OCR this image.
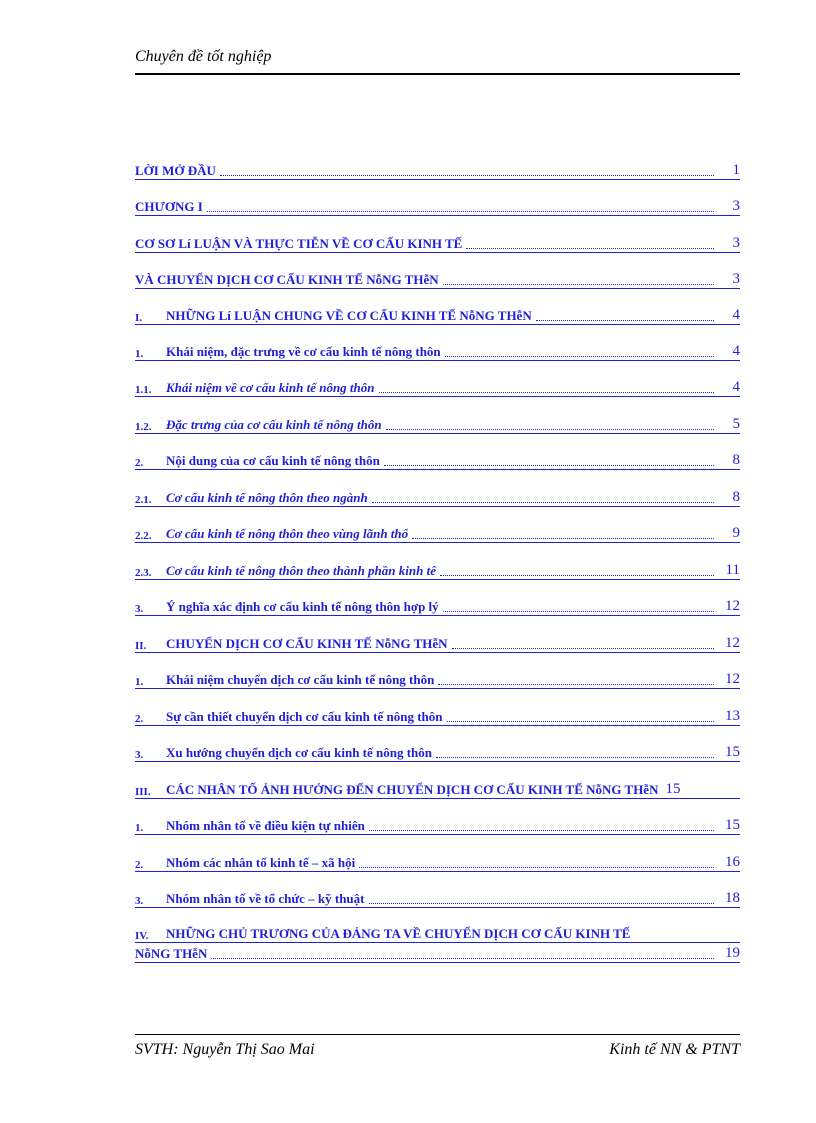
Chuyên đề tốt nghiệp
LỜI MỞ ĐẦU	1
CHƯƠNG I	3
CƠ SƠ Lí LUẬN VÀ THỰC TIỄN VỀ CƠ CẤU KINH TẾ	3
VÀ CHUYỂN DỊCH CƠ CẤU KINH TẾ NỗNG THễN	3
I.	NHỮNG Lí LUẬN CHUNG VỀ CƠ CẤU KINH TẾ NỗNG THễN	4
1.	Khái niệm, đặc trưng về cơ cấu kinh tế nông thôn	4
1.1.	Khái niệm về cơ cấu kinh tế nông thôn	4
1.2.	Đặc trưng của cơ cấu kinh tế nông thôn	5
2.	Nội dung của cơ cấu kinh tế nông thôn	8
2.1.	Cơ cấu kinh tế nông thôn theo ngành	8
2.2.	Cơ cấu kinh tế nông thôn theo vùng lãnh thổ	9
2.3.	Cơ cấu kinh tế nông thôn theo thành phần kinh tế	11
3.	Ý nghĩa xác định cơ cấu kinh tế nông thôn hợp lý	12
II.	CHUYỂN DỊCH CƠ CẤU KINH TẾ NỗNG THễN	12
1.	Khái niệm chuyển dịch cơ cấu kinh tế nông thôn	12
2.	Sự cần thiết chuyển dịch cơ cấu kinh tế nông thôn	13
3.	Xu hướng chuyển dịch cơ cấu kinh tế nông thôn	15
III.	CÁC NHÂN TỐ ẢNH HƯỞNG ĐẾN CHUYỂN DỊCH CƠ CẤU KINH TẾ NỗNG THễN 15
1.	Nhóm nhân tố về điều kiện tự nhiên	15
2.	Nhóm các nhân tố kinh tế – xã hội	16
3.	Nhóm nhân tố về tổ chức – kỹ thuật	18
IV.	NHỮNG CHỦ TRƯƠNG CỦA ĐẢNG TA VỀ CHUYỂN DỊCH CƠ CẤU KINH TẾ
NỗNG THễN	19
SVTH: Nguyễn Thị Sao Mai	Kinh tế NN & PTNT
